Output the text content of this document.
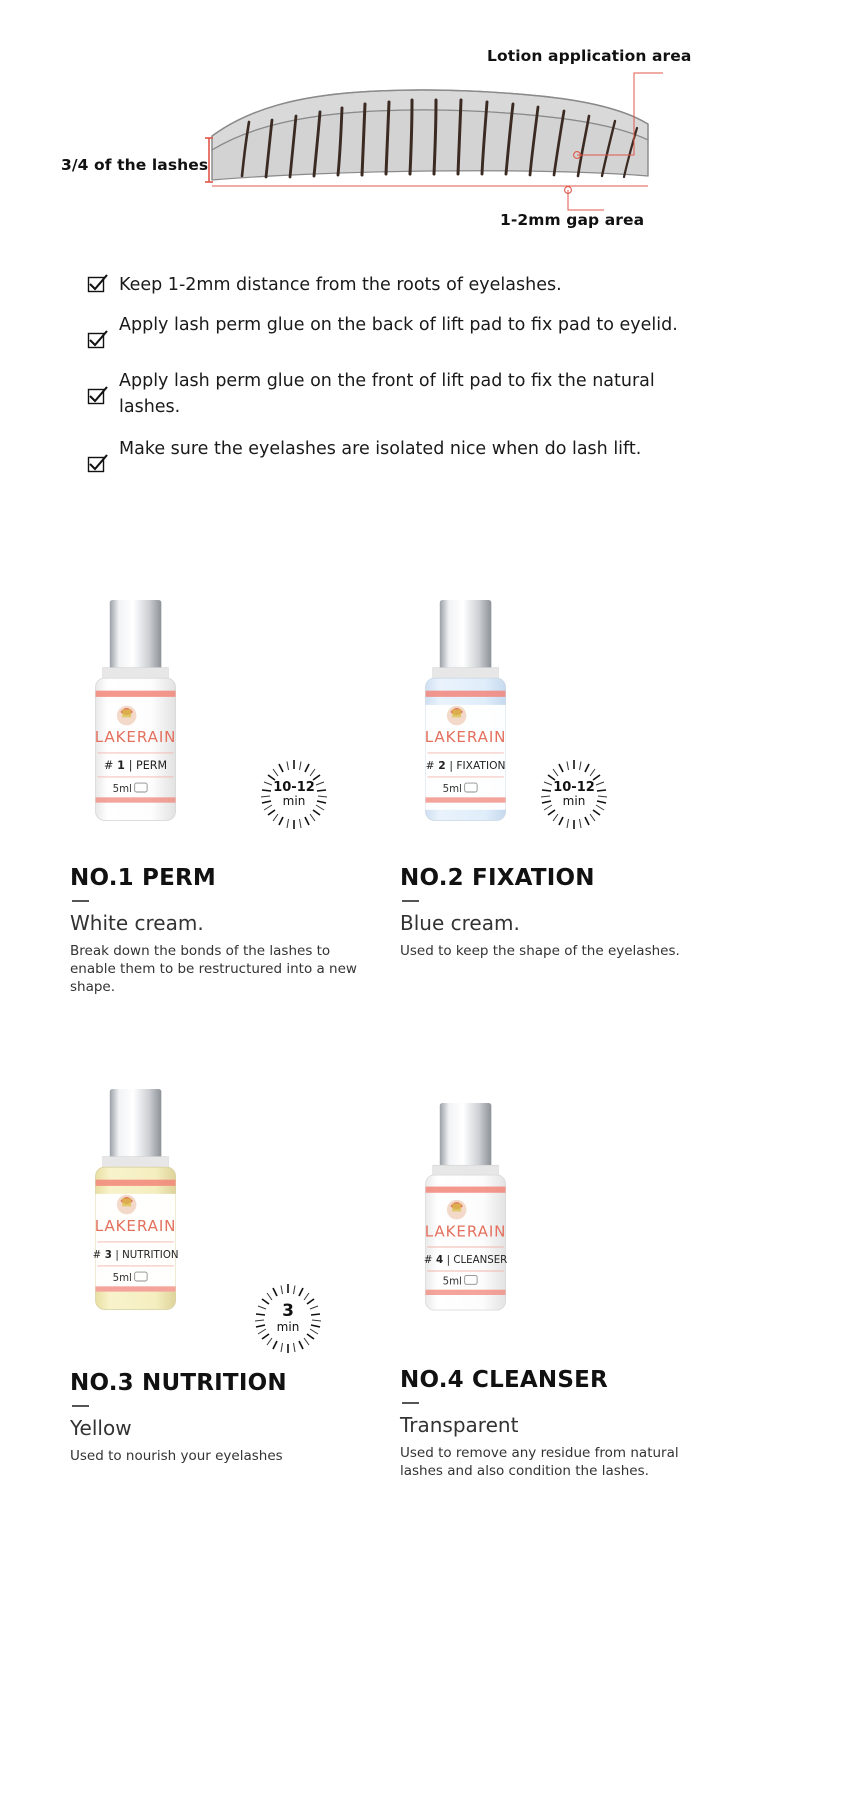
Lotion application area
3/4 of the lashes
1-2mm gap area
Keep 1-2mm distance from the roots of eyelashes.
Apply lash perm glue on the back of lift pad to fix pad to eyelid.
Apply lash perm glue on the front of lift pad to fix the natural lashes.
Make sure the eyelashes are isolated nice when do lash lift.
LAKERAIN
# 1 | PERM
5ml	10-12
min
NO.1 PERM
White cream.
Break down the bonds of the lashes to enable them to be restructured into a new shape.
LAKERAIN
# 2 | FIXATION
5ml	10-12
min
NO.2 FIXATION
Blue cream.
Used to keep the shape of the eyelashes.
LAKERAIN
# 3 | NUTRITION
5ml
3
min
NO.3 NUTRITION
Yellow
Used to nourish your eyelashes
LAKERAIN
# 4 | CLEANSER
5ml
NO.4 CLEANSER
Transparent
Used to remove any residue from natural lashes and also condition the lashes.
